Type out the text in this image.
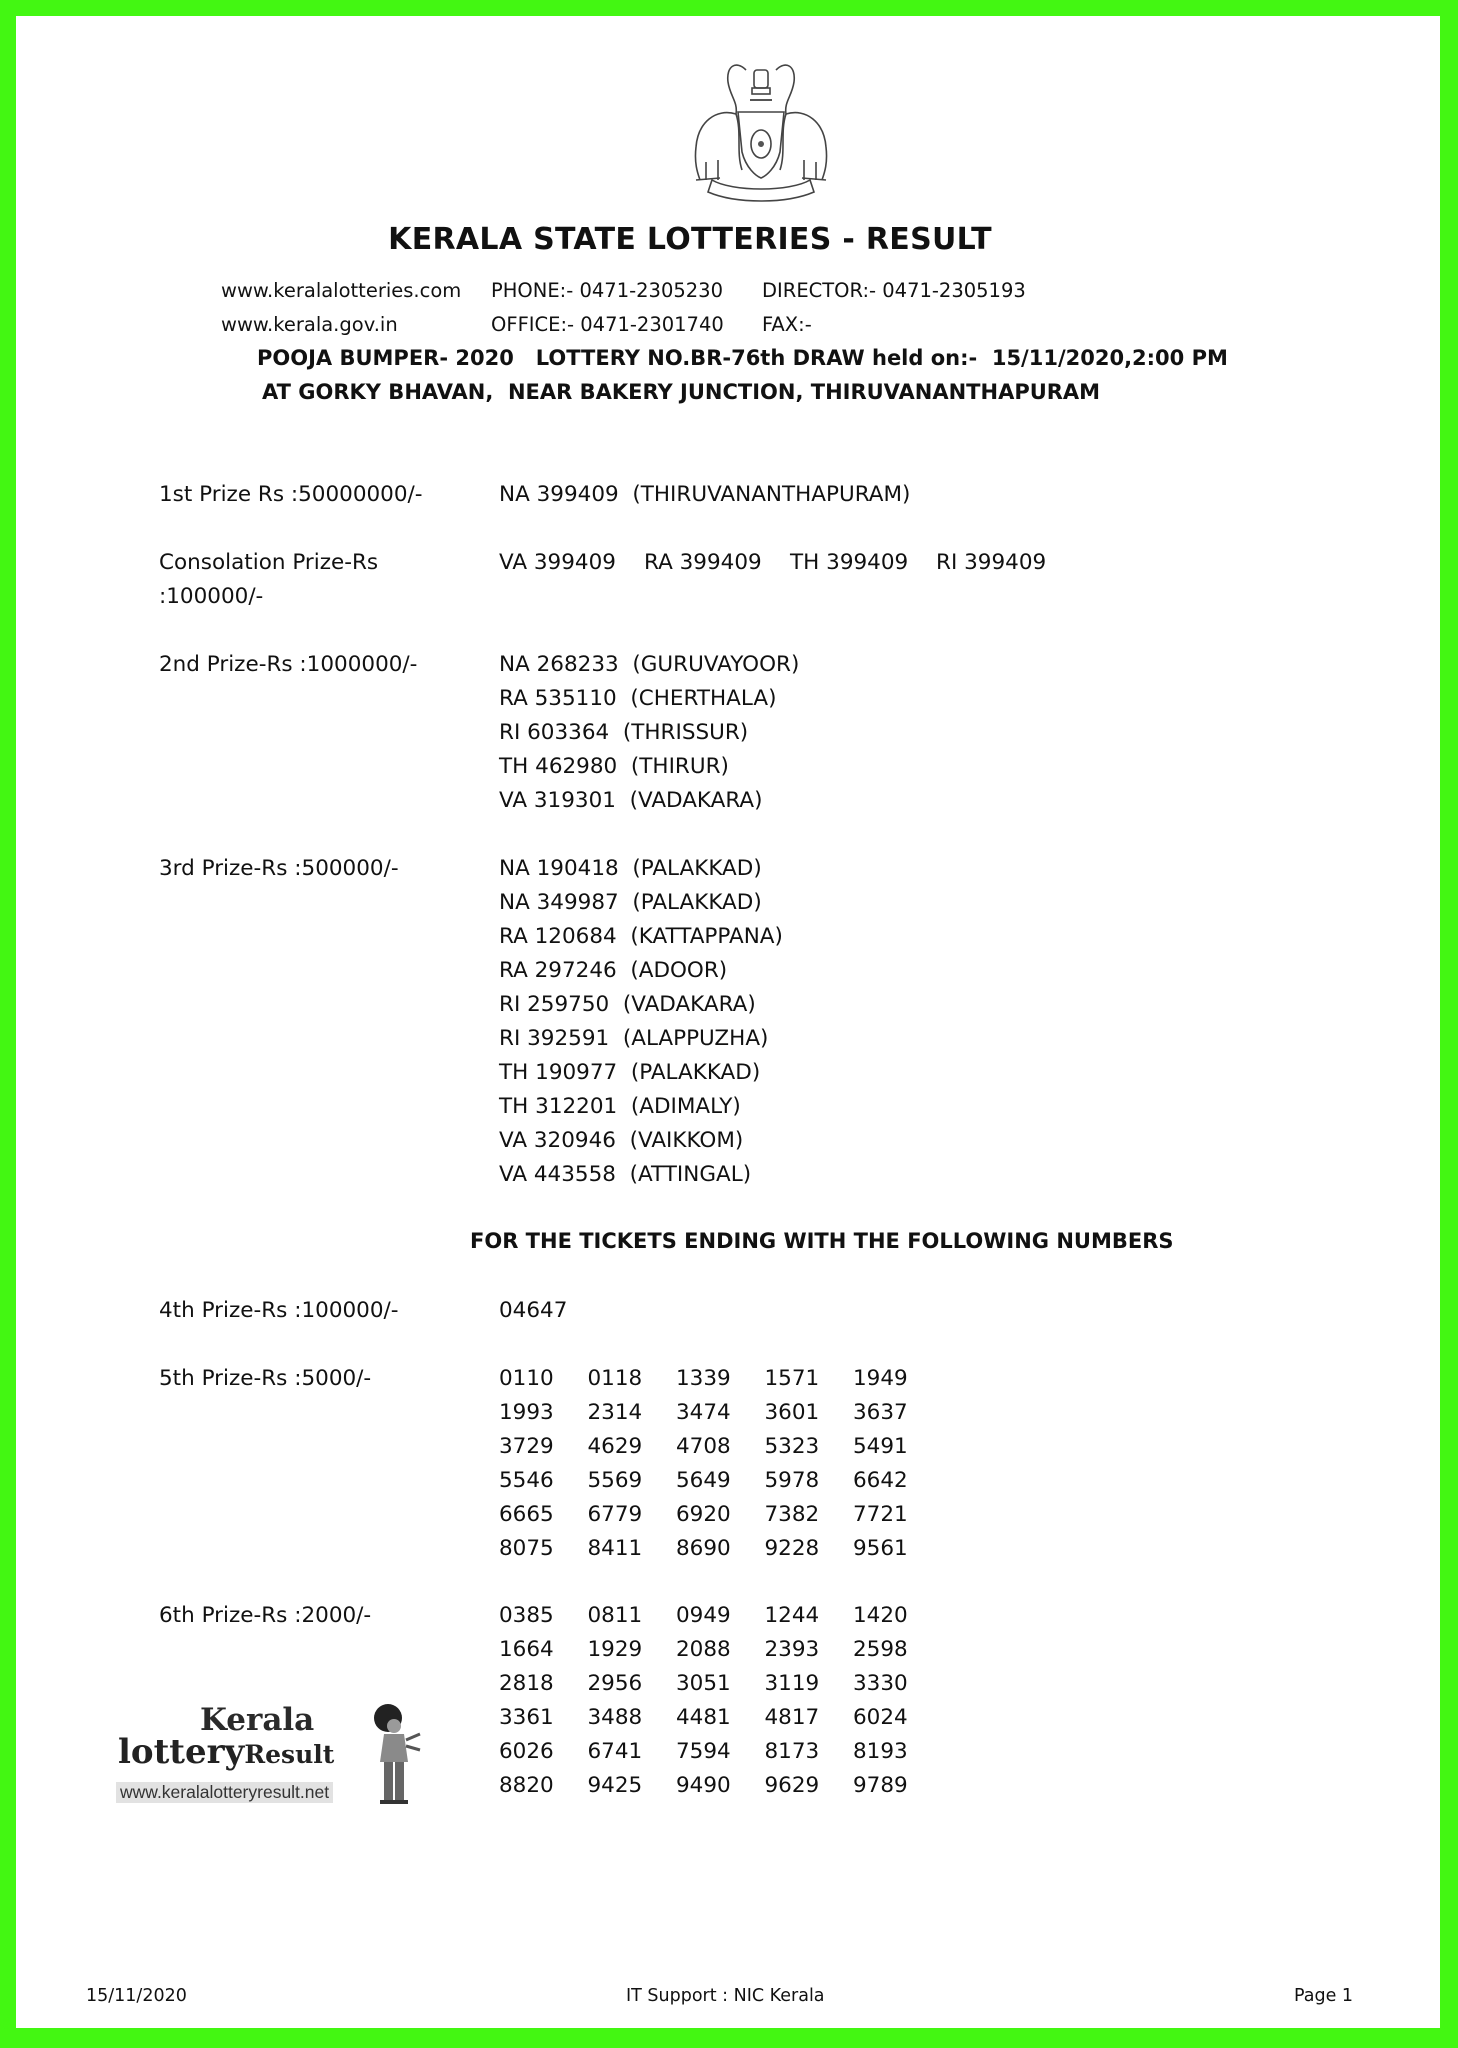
KERALA STATE LOTTERIES - RESULT
www.keralalotteries.com PHONE:- 0471-2305230 DIRECTOR:- 0471-2305193
www.kerala.gov.in	OFFICE:- 0471-2301740 FAX:-
POOJA BUMPER- 2020   LOTTERY NO.BR-76th DRAW held on:-  15/11/2020,2:00 PM
AT GORKY BHAVAN,  NEAR BAKERY JUNCTION, THIRUVANANTHAPURAM
1st Prize Rs :50000000/-	NA 399409  (THIRUVANANTHAPURAM)
Consolation Prize-Rs
:100000/-
VA 399409 RA 399409 TH 399409 RI 399409
2nd Prize-Rs :1000000/-	NA 268233  (GURUVAYOOR)
RA 535110  (CHERTHALA)
RI 603364  (THRISSUR)
TH 462980  (THIRUR)
VA 319301  (VADAKARA)
3rd Prize-Rs :500000/-	NA 190418  (PALAKKAD)
NA 349987  (PALAKKAD)
RA 120684  (KATTAPPANA)
RA 297246  (ADOOR)
RI 259750  (VADAKARA)
RI 392591  (ALAPPUZHA)
TH 190977  (PALAKKAD)
TH 312201  (ADIMALY)
VA 320946  (VAIKKOM)
VA 443558  (ATTINGAL)
FOR THE TICKETS ENDING WITH THE FOLLOWING NUMBERS
4th Prize-Rs :100000/-	04647
5th Prize-Rs :5000/-	0110 0118 1339 1571 1949
1993 2314 3474 3601 3637
3729 4629 4708 5323 5491
5546 5569 5649 5978 6642
6665 6779 6920 7382 7721
8075 8411 8690 9228 9561
6th Prize-Rs :2000/-	0385 0811 0949 1244 1420
1664 1929 2088 2393 2598
2818 2956 3051 3119 3330
3361 3488 4481 4817 6024
6026 6741 7594 8173 8193
8820 9425 9490 9629 9789
Kerala
lotteryResult
www.keralalotteryresult.net
15/11/2020	IT Support : NIC Kerala	Page 1
